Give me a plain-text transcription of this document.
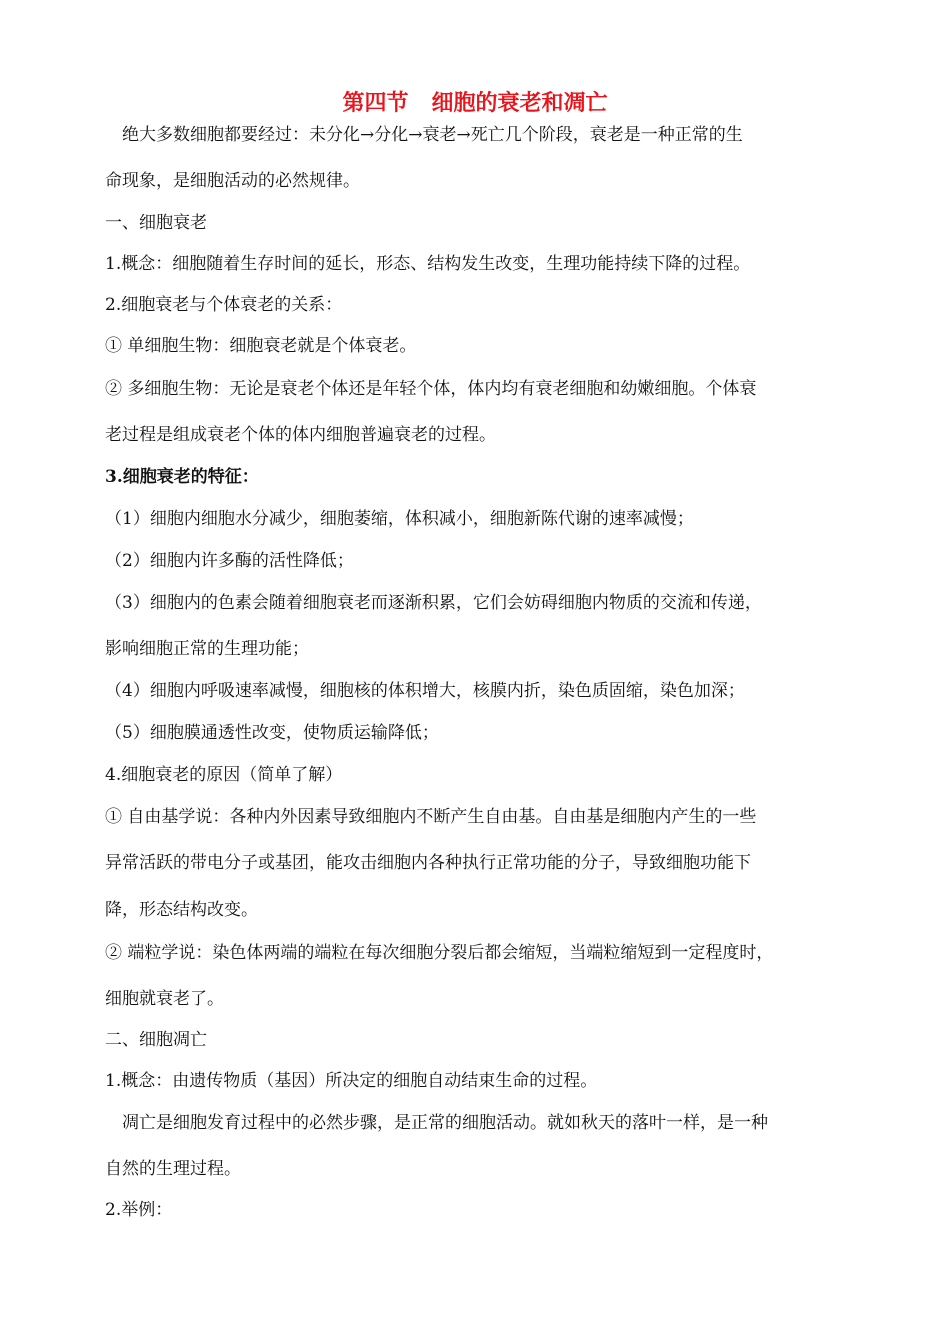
第四节   细胞的衰老和凋亡
　绝大多数细胞都要经过：未分化→分化→衰老→死亡几个阶段，衰老是一种正常的生
命现象，是细胞活动的必然规律。
一、细胞衰老
1.概念：细胞随着生存时间的延长，形态、结构发生改变，生理功能持续下降的过程。
2.细胞衰老与个体衰老的关系：
① 单细胞生物：细胞衰老就是个体衰老。
② 多细胞生物：无论是衰老个体还是年轻个体，体内均有衰老细胞和幼嫩细胞。个体衰
老过程是组成衰老个体的体内细胞普遍衰老的过程。
3.细胞衰老的特征：
（1）细胞内细胞水分减少，细胞萎缩，体积减小，细胞新陈代谢的速率减慢；
（2）细胞内许多酶的活性降低；
（3）细胞内的色素会随着细胞衰老而逐渐积累，它们会妨碍细胞内物质的交流和传递，
影响细胞正常的生理功能；
（4）细胞内呼吸速率减慢，细胞核的体积增大，核膜内折，染色质固缩，染色加深；
（5）细胞膜通透性改变，使物质运输降低；
4.细胞衰老的原因（简单了解）
① 自由基学说：各种内外因素导致细胞内不断产生自由基。自由基是细胞内产生的一些
异常活跃的带电分子或基团，能攻击细胞内各种执行正常功能的分子，导致细胞功能下
降，形态结构改变。
② 端粒学说：染色体两端的端粒在每次细胞分裂后都会缩短，当端粒缩短到一定程度时，
细胞就衰老了。
二、细胞凋亡
1.概念：由遗传物质（基因）所决定的细胞自动结束生命的过程。
　凋亡是细胞发育过程中的必然步骤，是正常的细胞活动。就如秋天的落叶一样，是一种
自然的生理过程。
2.举例：
